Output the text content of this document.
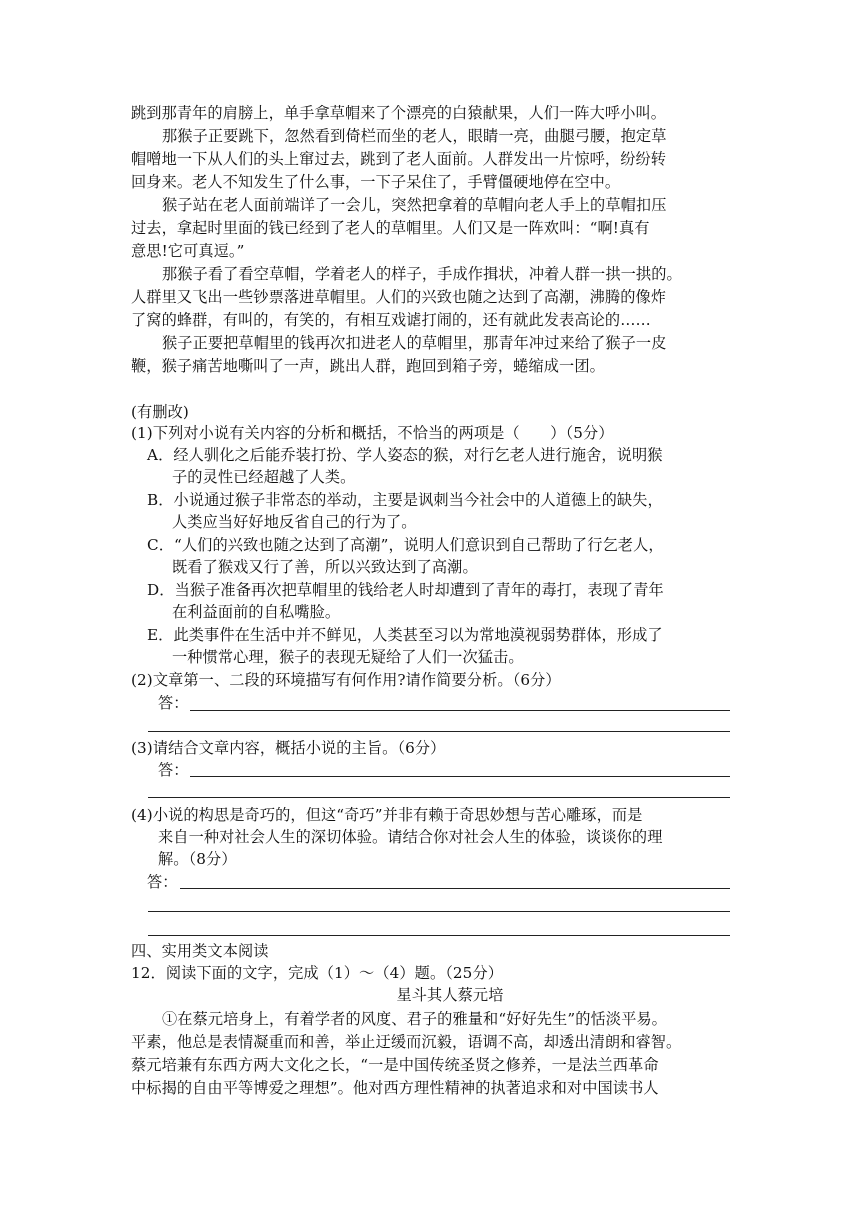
跳到那青年的肩膀上，单手拿草帽来了个漂亮的白猿献果，人们一阵大呼小叫。
那猴子正要跳下，忽然看到倚栏而坐的老人，眼睛一亮，曲腿弓腰，抱定草
帽噌地一下从人们的头上窜过去，跳到了老人面前。人群发出一片惊呼，纷纷转
回身来。老人不知发生了什么事，一下子呆住了，手臂僵硬地停在空中。
猴子站在老人面前端详了一会儿，突然把拿着的草帽向老人手上的草帽扣压
过去，拿起时里面的钱已经到了老人的草帽里。人们又是一阵欢叫：“啊!真有
意思!它可真逗。”
那猴子看了看空草帽，学着老人的样子，手成作揖状，冲着人群一拱一拱的。
人群里又飞出一些钞票落进草帽里。人们的兴致也随之达到了高潮，沸腾的像炸
了窝的蜂群，有叫的，有笑的，有相互戏谑打闹的，还有就此发表高论的……
猴子正要把草帽里的钱再次扣进老人的草帽里，那青年冲过来给了猴子一皮
鞭，猴子痛苦地嘶叫了一声，跳出人群，跑回到箱子旁，蜷缩成一团。
(有删改)
(1)下列对小说有关内容的分析和概括，不恰当的两项是（　　）（5分）
A．经人驯化之后能乔装打扮、学人姿态的猴，对行乞老人进行施舍，说明猴
子的灵性已经超越了人类。
B．小说通过猴子非常态的举动，主要是讽刺当今社会中的人道德上的缺失，
人类应当好好地反省自己的行为了。
C．“人们的兴致也随之达到了高潮”，说明人们意识到自己帮助了行乞老人，
既看了猴戏又行了善，所以兴致达到了高潮。
D．当猴子准备再次把草帽里的钱给老人时却遭到了青年的毒打，表现了青年
在利益面前的自私嘴脸。
E．此类事件在生活中并不鲜见，人类甚至习以为常地漠视弱势群体，形成了
一种惯常心理，猴子的表现无疑给了人们一次猛击。
(2)文章第一、二段的环境描写有何作用?请作简要分析。（6分）
答：
(3)请结合文章内容，概括小说的主旨。（6分）
答：
(4)小说的构思是奇巧的，但这“奇巧”并非有赖于奇思妙想与苦心雕琢，而是
来自一种对社会人生的深切体验。请结合你对社会人生的体验，谈谈你的理
解。（8分）
答：
四、实用类文本阅读
12．阅读下面的文字，完成（1）～（4）题。（25分）
星斗其人蔡元培
①在蔡元培身上，有着学者的风度、君子的雅量和“好好先生”的恬淡平易。
平素，他总是表情凝重而和善，举止迂缓而沉毅，语调不高，却透出清朗和睿智。
蔡元培兼有东西方两大文化之长，“一是中国传统圣贤之修养，一是法兰西革命
中标揭的自由平等博爱之理想”。他对西方理性精神的执著追求和对中国读书人
